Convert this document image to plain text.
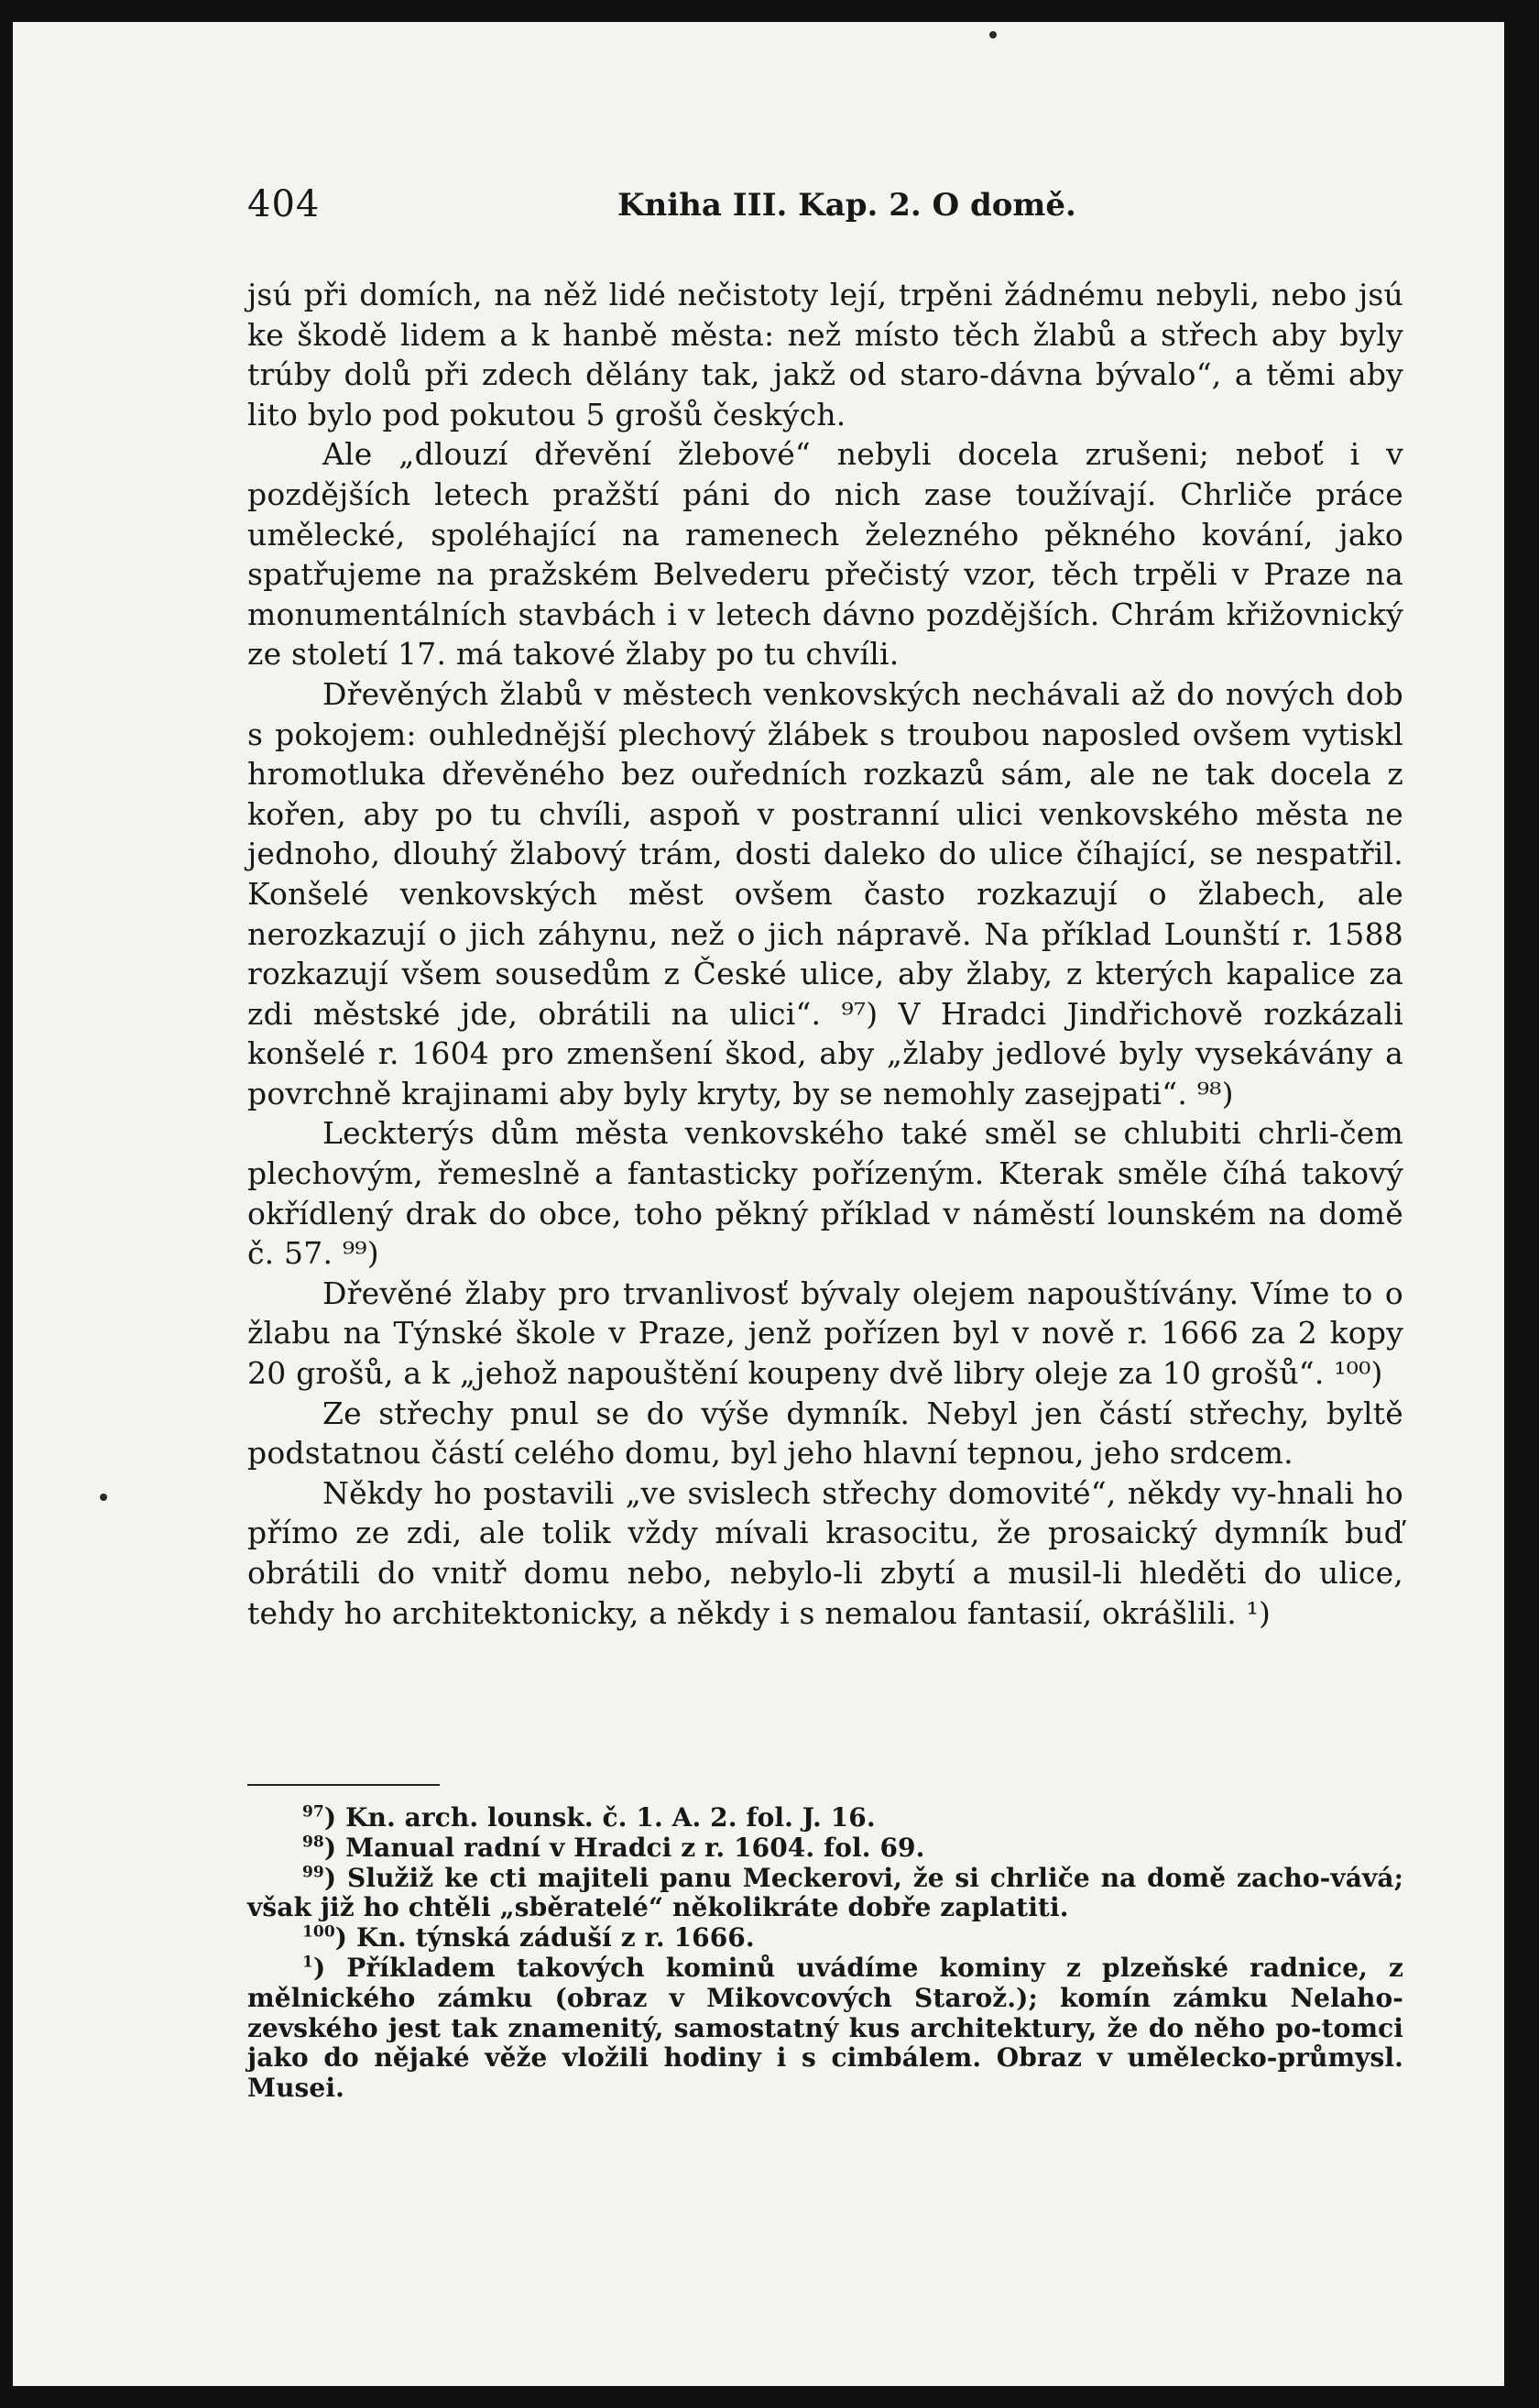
404	Kniha III. Kap. 2. O domě.

jsú při domích, na něž lidé nečistoty lejí, trpěni žádnému nebyli, nebo jsú ke škodě lidem a k hanbě města: než místo těch žlabů a střech aby byly trúby dolů při zdech dělány tak, jakž od staro-dávna bývalo“, a těmi aby lito bylo pod pokutou 5 grošů českých.

Ale „dlouzí dřevění žlebové“ nebyli docela zrušeni; neboť i v pozdějších letech pražští páni do nich zase toužívají. Chrliče práce umělecké, spoléhající na ramenech železného pěkného kování, jako spatřujeme na pražském Belvederu přečistý vzor, těch trpěli v Praze na monumentálních stavbách i v letech dávno pozdějších. Chrám křižovnický ze století 17. má takové žlaby po tu chvíli.

Dřevěných žlabů v městech venkovských nechávali až do nových dob s pokojem: ouhlednější plechový žlábek s troubou naposled ovšem vytiskl hromotluka dřevěného bez ouředních rozkazů sám, ale ne tak docela z kořen, aby po tu chvíli, aspoň v postranní ulici venkovského města ne jednoho, dlouhý žlabový trám, dosti daleko do ulice číhající, se nespatřil. Konšelé venkovských měst ovšem často rozkazují o žlabech, ale nerozkazují o jich záhynu, než o jich nápravě. Na příklad Lounští r. 1588 rozkazují všem sousedům z České ulice, aby žlaby, z kterých kapalice za zdi městské jde, obrátili na ulici“. ⁹⁷) V Hradci Jindřichově rozkázali konšelé r. 1604 pro zmenšení škod, aby „žlaby jedlové byly vysekávány a povrchně krajinami aby byly kryty, by se nemohly zasejpati“. ⁹⁸)

Leckterýs dům města venkovského také směl se chlubiti chrli-čem plechovým, řemeslně a fantasticky pořízeným. Kterak směle číhá takový okřídlený drak do obce, toho pěkný příklad v náměstí lounském na domě č. 57. ⁹⁹)

Dřevěné žlaby pro trvanlivosť bývaly olejem napouštívány. Víme to o žlabu na Týnské škole v Praze, jenž pořízen byl v nově r. 1666 za 2 kopy 20 grošů, a k „jehož napouštění koupeny dvě libry oleje za 10 grošů“. ¹⁰⁰)

Ze střechy pnul se do výše dymník. Nebyl jen částí střechy, byltě podstatnou částí celého domu, byl jeho hlavní tepnou, jeho srdcem.

Někdy ho postavili „ve svislech střechy domovité“, někdy vy-hnali ho přímo ze zdi, ale tolik vždy mívali krasocitu, že prosaický dymník buď obrátili do vnitř domu nebo, nebylo-li zbytí a musil-li hleděti do ulice, tehdy ho architektonicky, a někdy i s nemalou fantasií, okrášlili. ¹)

$^{97}$) Kn. arch. lounsk. č. 1. A. 2. fol. J. 16.

$^{98}$) Manual radní v Hradci z r. 1604. fol. 69.

$^{99}$) Služiž ke cti majiteli panu Meckerovi, že si chrliče na domě zacho-vává; však již ho chtěli „sběratelé“ několikráte dobře zaplatiti.

$^{100}$) Kn. týnská záduší z r. 1666.

$^1$) Příkladem takových kominů uvádíme kominy z plzeňské radnice, z mělnického zámku (obraz v Mikovcových Starož.); komín zámku Nelaho-zevského jest tak znamenitý, samostatný kus architektury, že do něho po-tomci jako do nějaké věže vložili hodiny i s cimbálem. Obraz v umělecko-průmysl. Musei.
